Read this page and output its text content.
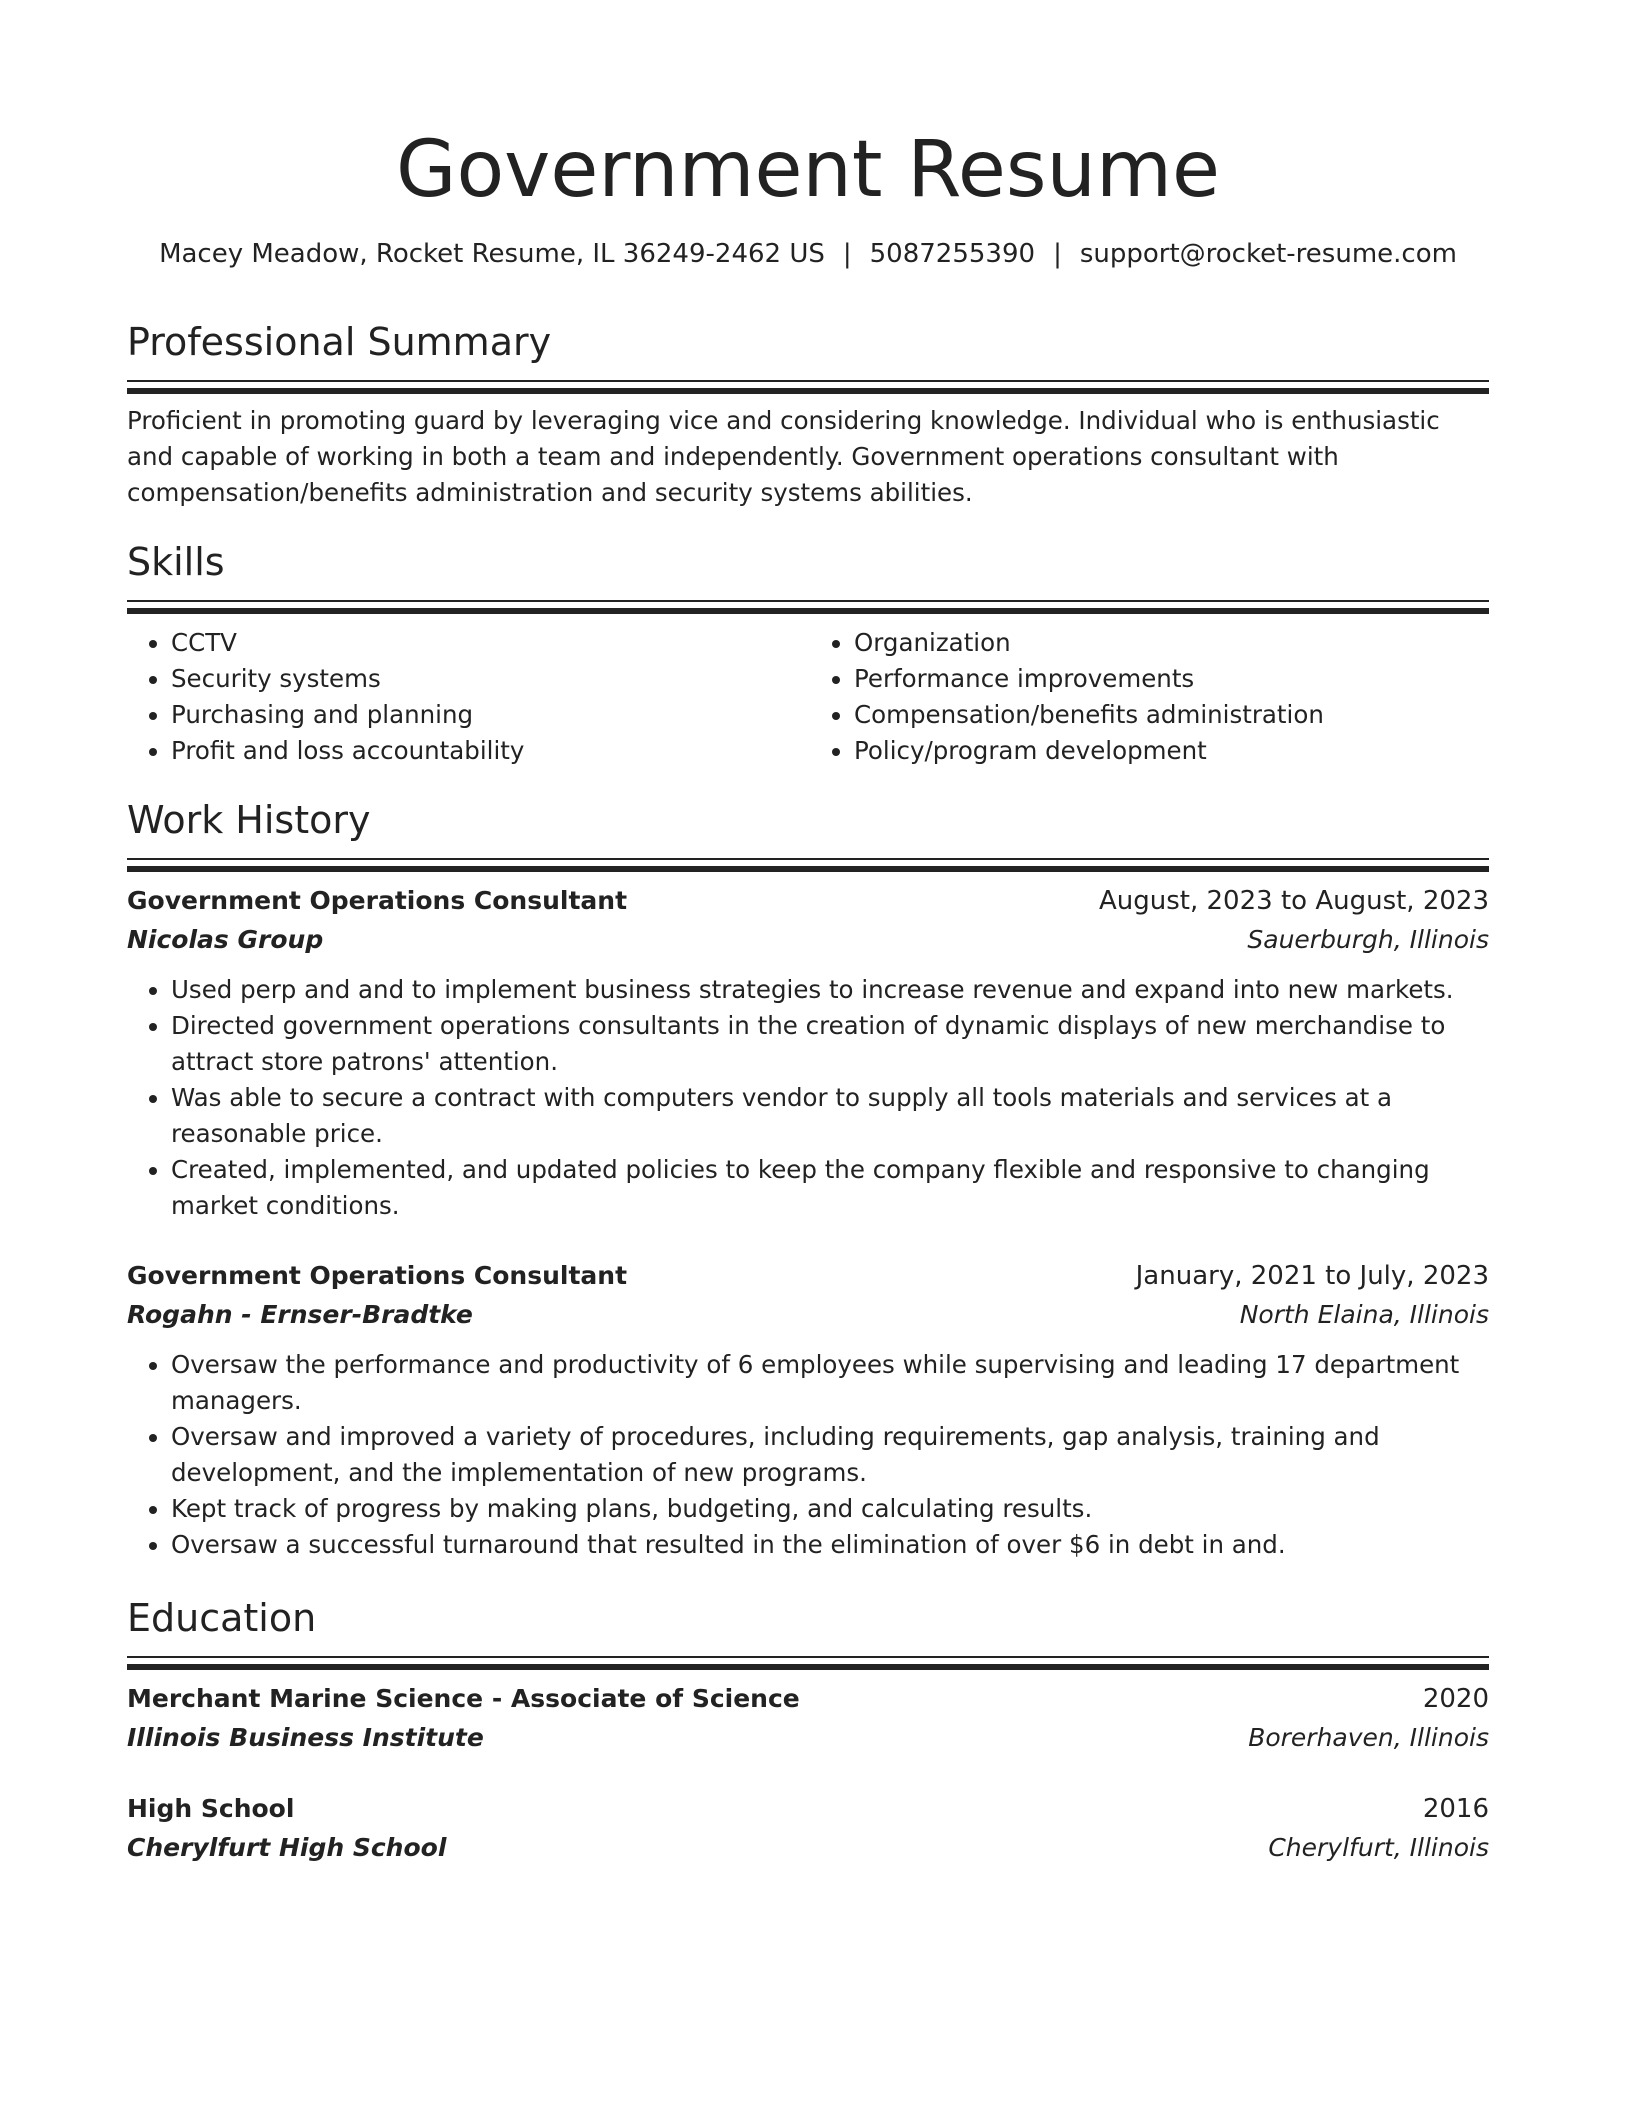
Government Resume
Macey Meadow, Rocket Resume, IL 36249-2462 US | 5087255390 | support@rocket-resume.com
Professional Summary

Proficient in promoting guard by leveraging vice and considering knowledge. Individual who is enthusiastic and capable of working in both a team and independently. Government operations consultant with compensation/benefits administration and security systems abilities.

Skills
• CCTV
• Security systems
• Purchasing and planning
• Profit and loss accountability
• Organization
• Performance improvements
• Compensation/benefits administration
• Policy/program development
Work History
Government Operations Consultant	August, 2023 to August, 2023
Nicolas Group	Sauerburgh, Illinois
• Used perp and and to implement business strategies to increase revenue and expand into new markets.
• Directed government operations consultants in the creation of dynamic displays of new merchandise to attract store patrons' attention.
• Was able to secure a contract with computers vendor to supply all tools materials and services at a reasonable price.
• Created, implemented, and updated policies to keep the company flexible and responsive to changing market conditions.
Government Operations Consultant	January, 2021 to July, 2023
Rogahn - Ernser-Bradtke	North Elaina, Illinois
• Oversaw the performance and productivity of 6 employees while supervising and leading 17 department managers.
• Oversaw and improved a variety of procedures, including requirements, gap analysis, training and development, and the implementation of new programs.
• Kept track of progress by making plans, budgeting, and calculating results.
• Oversaw a successful turnaround that resulted in the elimination of over $6 in debt in and.
Education
Merchant Marine Science - Associate of Science	2020
Illinois Business Institute	Borerhaven, Illinois
High School	2016
Cherylfurt High School	Cherylfurt, Illinois
